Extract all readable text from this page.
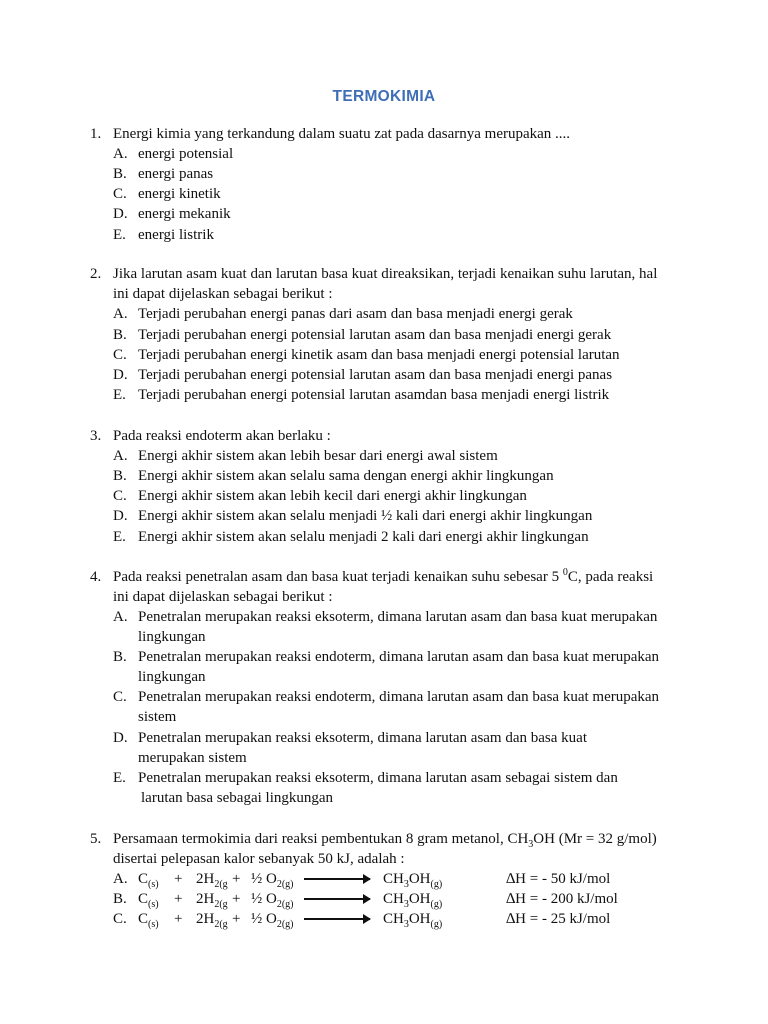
TERMOKIMIA
1. Energi kimia yang terkandung dalam suatu zat pada dasarnya merupakan ....
A. energi potensial
B. energi panas
C. energi kinetik
D. energi mekanik
E. energi listrik
2. Jika larutan asam kuat dan larutan basa kuat direaksikan, terjadi kenaikan suhu larutan, hal
ini dapat dijelaskan sebagai berikut :
A. Terjadi perubahan energi panas dari asam dan basa menjadi energi gerak
B. Terjadi perubahan energi potensial larutan asam dan basa menjadi energi gerak
C. Terjadi perubahan energi kinetik asam dan basa menjadi energi potensial larutan
D. Terjadi perubahan energi potensial larutan asam dan basa menjadi energi panas
E. Terjadi perubahan energi potensial larutan asamdan basa menjadi energi listrik
3. Pada reaksi endoterm akan berlaku :
A. Energi akhir sistem akan lebih besar dari energi awal sistem
B. Energi akhir sistem akan selalu sama dengan energi akhir lingkungan
C. Energi akhir sistem akan lebih kecil dari energi akhir lingkungan
D. Energi akhir sistem akan selalu menjadi ½ kali dari energi akhir lingkungan
E. Energi akhir sistem akan selalu menjadi 2 kali dari energi akhir lingkungan
4. Pada reaksi penetralan asam dan basa kuat terjadi kenaikan suhu sebesar 5 $^0$C, pada reaksi
ini dapat dijelaskan sebagai berikut :
A. Penetralan merupakan reaksi eksoterm, dimana larutan asam dan basa kuat merupakan
lingkungan
B. Penetralan merupakan reaksi endoterm, dimana larutan asam dan basa kuat merupakan
lingkungan
C. Penetralan merupakan reaksi endoterm, dimana larutan asam dan basa kuat merupakan
sistem
D. Penetralan merupakan reaksi eksoterm, dimana larutan asam dan basa kuat
merupakan sistem
E. Penetralan merupakan reaksi eksoterm, dimana larutan asam sebagai sistem dan
larutan basa sebagai lingkungan
5. Persamaan termokimia dari reaksi pembentukan 8 gram metanol, $CH_3OH$ (Mr = 32 g/mol)
disertai pelepasan kalor sebanyak 50 kJ, adalah :
A. $C_{(s)} + 2H_{2(g}$ + ½ $O_{2(g)}$	$CH_3OH_{(g)}$	∆H = - 50 kJ/mol
B. $C_{(s)} + 2H_{2(g}$ + ½ $O_{2(g)}$	$CH_3OH_{(g)}$	∆H = - 200 kJ/mol
C. $C_{(s)} + 2H_{2(g}$ + ½ $O_{2(g)}$	$CH_3OH_{(g)}$	∆H = - 25 kJ/mol
